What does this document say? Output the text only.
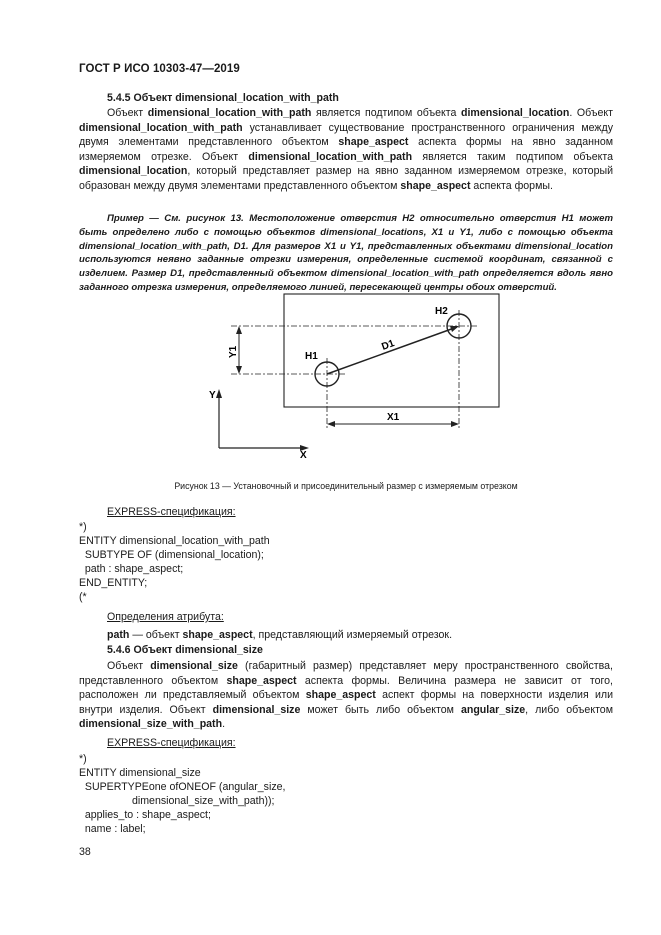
ГОСТ Р ИСО 10303-47—2019
5.4.5 Объект dimensional_location_with_path
Объект dimensional_location_with_path является подтипом объекта dimensional_location. Объект dimensional_location_with_path устанавливает существование пространственного ограничения между двумя элементами представленного объектом shape_aspect аспекта формы на явно заданном измеряемом отрезке. Объект dimensional_location_with_path является таким подтипом объекта dimensional_location, который представляет размер на явно заданном измеряемом отрезке, который образован между двумя элементами представленного объектом shape_aspect аспекта формы.
Пример — См. рисунок 13. Местоположение отверстия H2 относительно отверстия H1 может быть определено либо с помощью объектов dimensional_locations, X1 и Y1, либо с помощью объекта dimensional_location_with_path, D1. Для размеров X1 и Y1, представленных объектами dimensional_location используются неявно заданные отрезки измерения, определенные системой координат, связанной с изделием. Размер D1, представленный объектом dimensional_location_with_path определяется вдоль явно заданного отрезка измерения, определяемого линией, пересекающей центры обоих отверстий.
Y
X
Y1
X1
D1
H1
H2
Рисунок 13 — Установочный и присоединительный размер с измеряемым отрезком
EXPRESS-спецификация:
*)
ENTITY dimensional_location_with_path
SUBTYPE OF (dimensional_location);
path : shape_aspect;
END_ENTITY;
(*
Определения атрибута:
path — объект shape_aspect, представляющий измеряемый отрезок.
5.4.6 Объект dimensional_size
Объект dimensional_size (габаритный размер) представляет меру пространственного свойства, представленного объектом shape_aspect аспекта формы. Величина размера не зависит от того, расположен ли представляемый объектом shape_aspect аспект формы на поверхности изделия или внутри изделия. Объект dimensional_size может быть либо объектом angular_size, либо объектом dimensional_size_with_path.
EXPRESS-спецификация:
*)
ENTITY dimensional_size
SUPERTYPEone ofONEOF (angular_size,
dimensional_size_with_path));
applies_to : shape_aspect;
name : label;
38
